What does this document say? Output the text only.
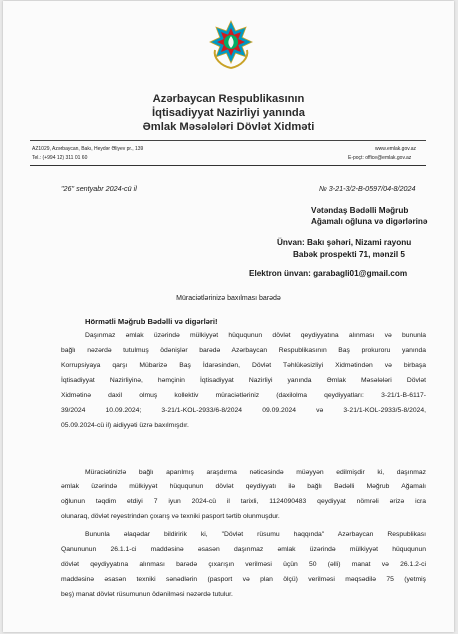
Azərbaycan Respublikasının
İqtisadiyyat Nazirliyi yanında
Əmlak Məsələləri Dövlət Xidməti
AZ1029, Azərbaycan, Bakı, Heydər Əliyev pr., 139
Tel.: (+994 12) 311 01 60
www.emlak.gov.az
E-poçt: office@emlak.gov.az
"26" sentyabr 2024-cü il	№ 3-21-3/2-B-0597/04-8/2024
Vətəndaş Bədəlli Məğrub
Ağamalı oğluna və digərlərinə
Ünvan: Bakı şəhəri, Nizami rayonu
Babək prospekti 71, mənzil 5
Elektron ünvan: garabagli01@gmail.com
Müraciətlərinizə baxılması barədə
Hörmətli Məğrub Bədəlli və digərləri!
Daşınmaz əmlak üzərində mülkiyyət hüququnun dövlət qeydiyyatına alınması və bununla
bağlı nəzərdə tutulmuş ödənişlər barədə Azərbaycan Respublikasının Baş prokuroru yanında
Korrupsiyaya qarşı Mübarizə Baş İdarəsindən, Dövlət Təhlükəsizliyi Xidmətindən və birbaşa
İqtisadiyyat Nazirliyinə, həmçinin İqtisadiyyat Nazirliyi yanında Əmlak Məsələləri Dövlət
Xidmətinə daxil olmuş kollektiv müraciətləriniz (daxilolma qeydiyyatları: 3-21/1-B-6117-
39/2024 10.09.2024; 3-21/1-KOL-2933/6-8/2024 09.09.2024 və 3-21/1-KOL-2933/5-8/2024,
05.09.2024-cü il) aidiyyəti üzrə baxılmışdır.
Müraciətinizlə bağlı aparılmış araşdırma nəticəsində müəyyən edilmişdir ki, daşınmaz
əmlak üzərində mülkiyyət hüququnun dövlət qeydiyyatı ilə bağlı Bədəlli Məğrub Ağamalı
oğlunun təqdim etdiyi 7 iyun 2024-cü il tarixli, 1124090483 qeydiyyat nömrəli ərizə icra
olunaraq, dövlət reyestrindən çıxarış və texniki pasport tərtib olunmuşdur.
Bununla əlaqədar bildiririk ki, "Dövlət rüsumu haqqında" Azərbaycan Respublikası
Qanununun 26.1.1-ci maddəsinə əsasən daşınmaz əmlak üzərində mülkiyyət hüququnun
dövlət qeydiyyatına alınması barədə çıxarışın verilməsi üçün 50 (əlli) manat və 26.1.2-ci
maddəsinə əsasən texniki sənədlərin (pasport və plan ölçü) verilməsi məqsədilə 75 (yetmiş
beş) manat dövlət rüsumunun ödənilməsi nəzərdə tutulur.
